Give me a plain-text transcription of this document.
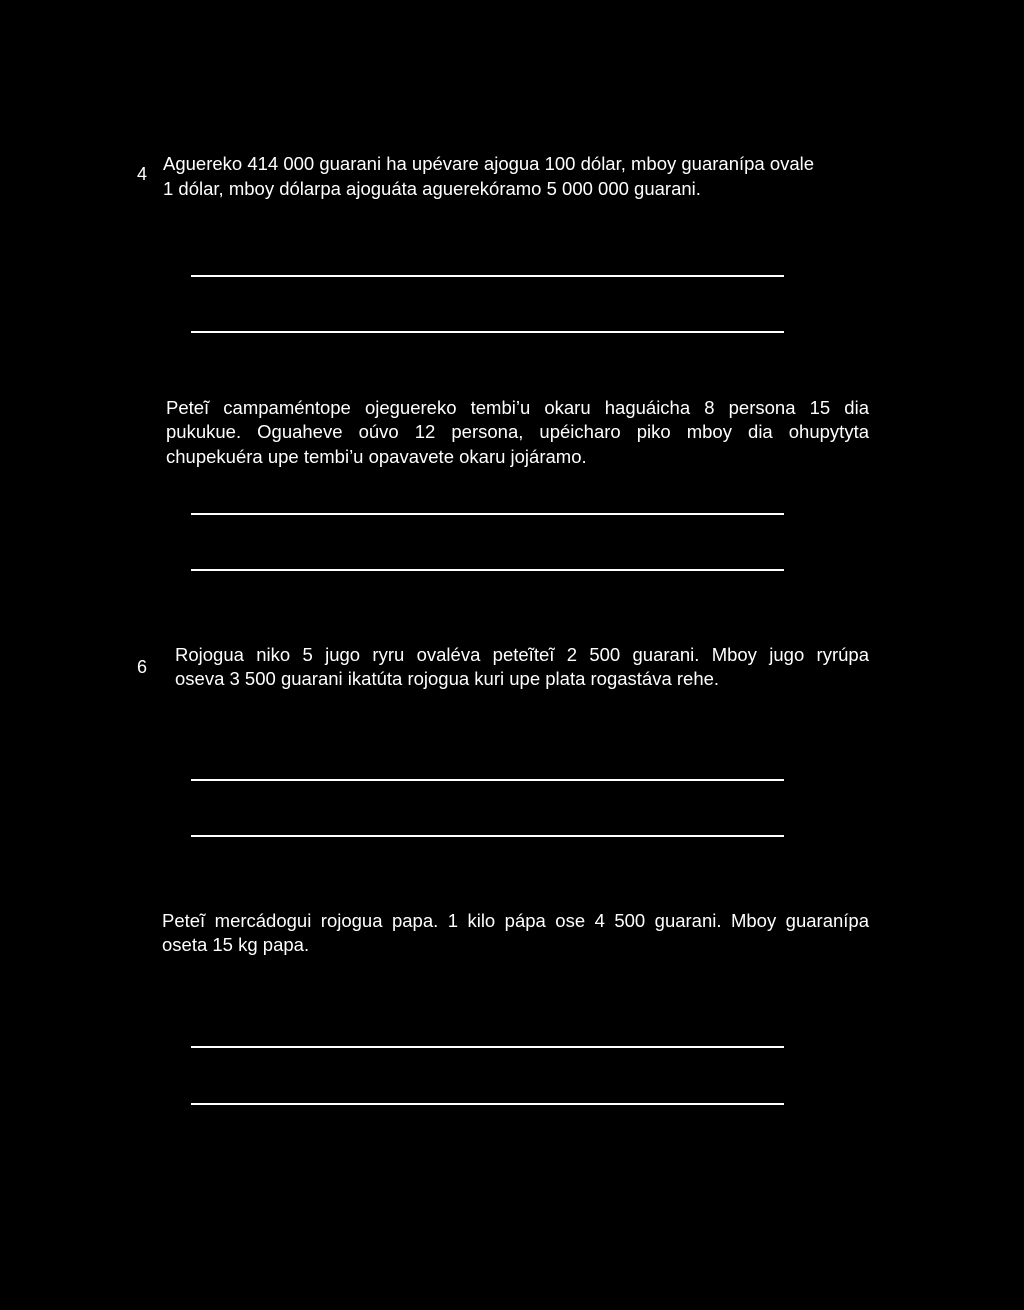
4 Aguereko 414 000 guarani ha upévare ajogua 100 dólar, mboy guaranípa ovale
1 dólar, mboy dólarpa ajoguáta aguerekóramo 5 000 000 guarani.
Peteĩ campaméntope ojeguereko tembi’u okaru haguáicha 8 persona 15 dia
pukukue. Oguaheve oúvo 12 persona, upéicharo piko mboy dia ohupytyta
chupekuéra upe tembi’u opavavete okaru jojáramo.
6
Rojogua niko 5 jugo ryru ovaléva peteĩteĩ 2 500 guarani. Mboy jugo ryrúpa
oseva 3 500 guarani ikatúta rojogua kuri upe plata rogastáva rehe.
Peteĩ mercádogui rojogua papa. 1 kilo pápa ose 4 500 guarani. Mboy guaranípa
oseta 15 kg papa.
